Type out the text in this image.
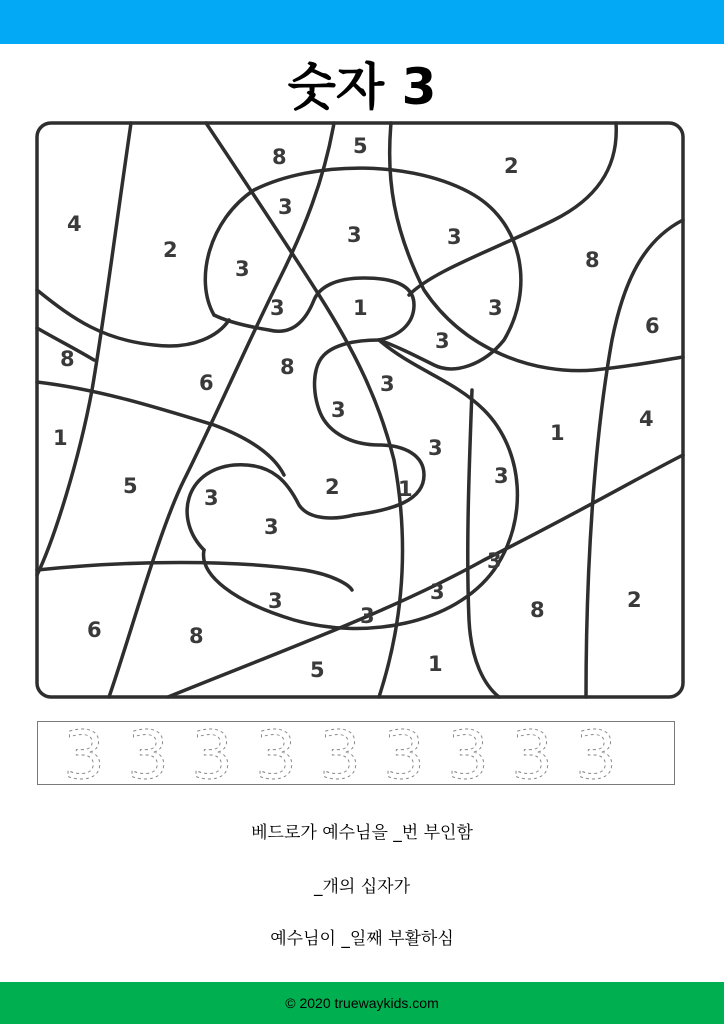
숫자 3
8	5
2
4
3
2
3	3
8
3
3	1	3
6
3
8	8
6	3
3
1
4
3
1
5	3
2	1
3
3
3
6	8
3
3
3
8	2
5	1
3 3 3 3 3 3 3 3 3
베드로가 예수님을 _번 부인함
_개의 십자가
예수님이 _일째 부활하심
© 2020 truewaykids.com
